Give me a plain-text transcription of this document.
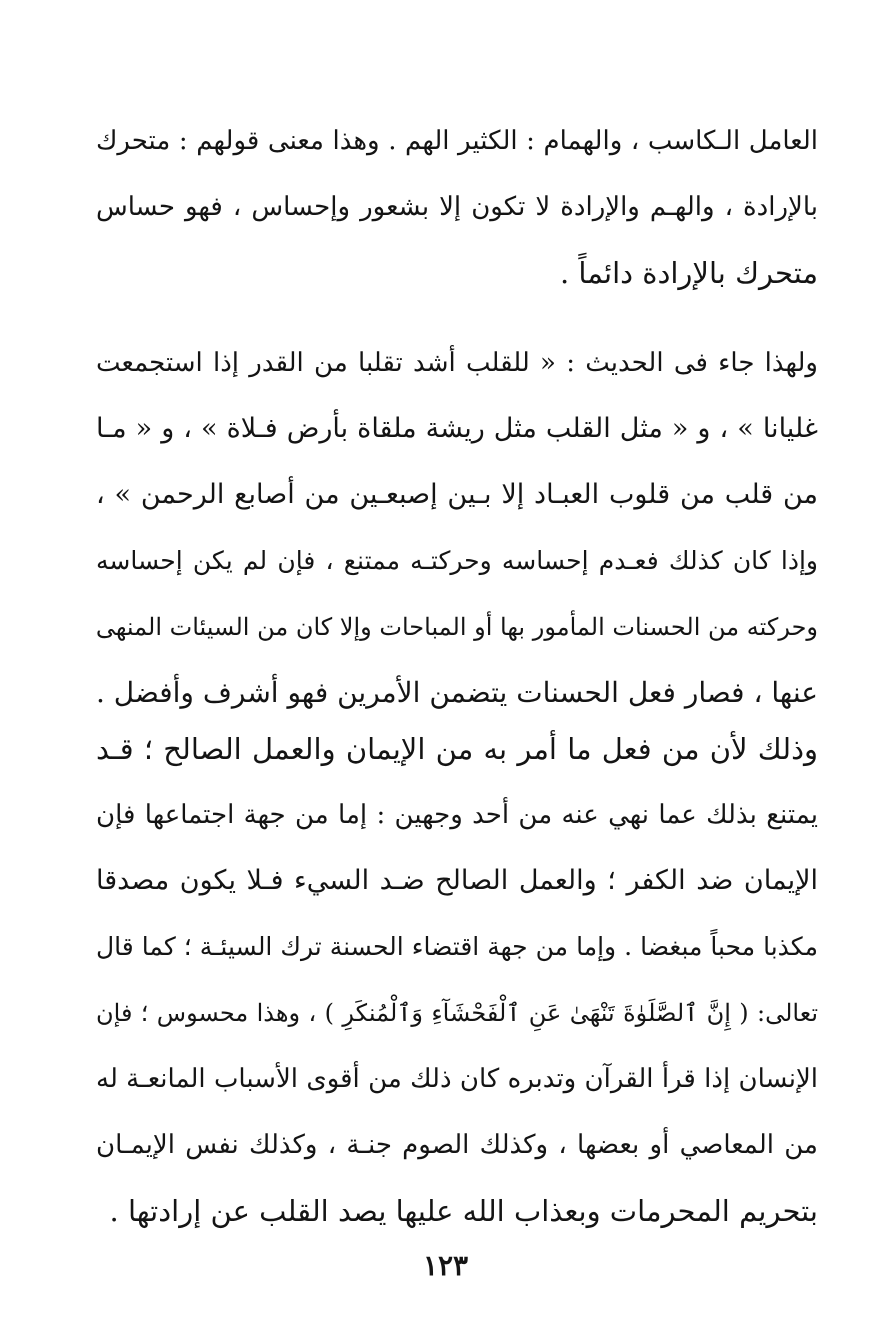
العامل الـكاسب ، والهمام : الكثير الهم . وهذا معنى قولهم : متحرك
بالإرادة ، والهـم والإرادة لا تكون إلا بشعور وإحساس ، فهو حساس
متحرك بالإرادة دائماً .
ولهذا جاء فى الحديث : « للقلب أشد تقلبا من القدر إذا استجمعت
غليانا » ، و « مثل القلب مثل ريشة ملقاة بأرض فـلاة » ، و « مـا
من قلب من قلوب العبـاد إلا بـين إصبعـين من أصابع الرحمن » ،
وإذا كان كذلك فعـدم إحساسه وحركتـه ممتنع ، فإن لم يكن إحساسه
وحركته من الحسنات المأمور بها أو المباحات وإلا كان من السيئات المنهى
عنها ، فصار فعل الحسنات يتضمن الأمرين فهو أشرف وأفضل .
وذلك لأن من فعل ما أمر به من الإيمان والعمل الصالح ؛ قـد
يمتنع بذلك عما نهي عنه من أحد وجهين : إما من جهة اجتماعها فإن
الإيمان ضد الكفر ؛ والعمل الصالح ضـد السيء فـلا يكون مصدقا
مكذبا محباً مبغضا . وإما من جهة اقتضاء الحسنة ترك السيئـة ؛ كما قال
تعالى: ( إِنَّ ٱلصَّلَوٰةَ تَنْهَىٰ عَنِ ٱلْفَحْشَآءِ وَٱلْمُنكَرِ ) ، وهذا محسوس ؛ فإن
الإنسان إذا قرأ القرآن وتدبره كان ذلك من أقوى الأسباب المانعـة له
من المعاصي أو بعضها ، وكذلك الصوم جنـة ، وكذلك نفس الإيمـان
بتحريم المحرمات وبعذاب الله عليها يصد القلب عن إرادتها .
١٢٣
